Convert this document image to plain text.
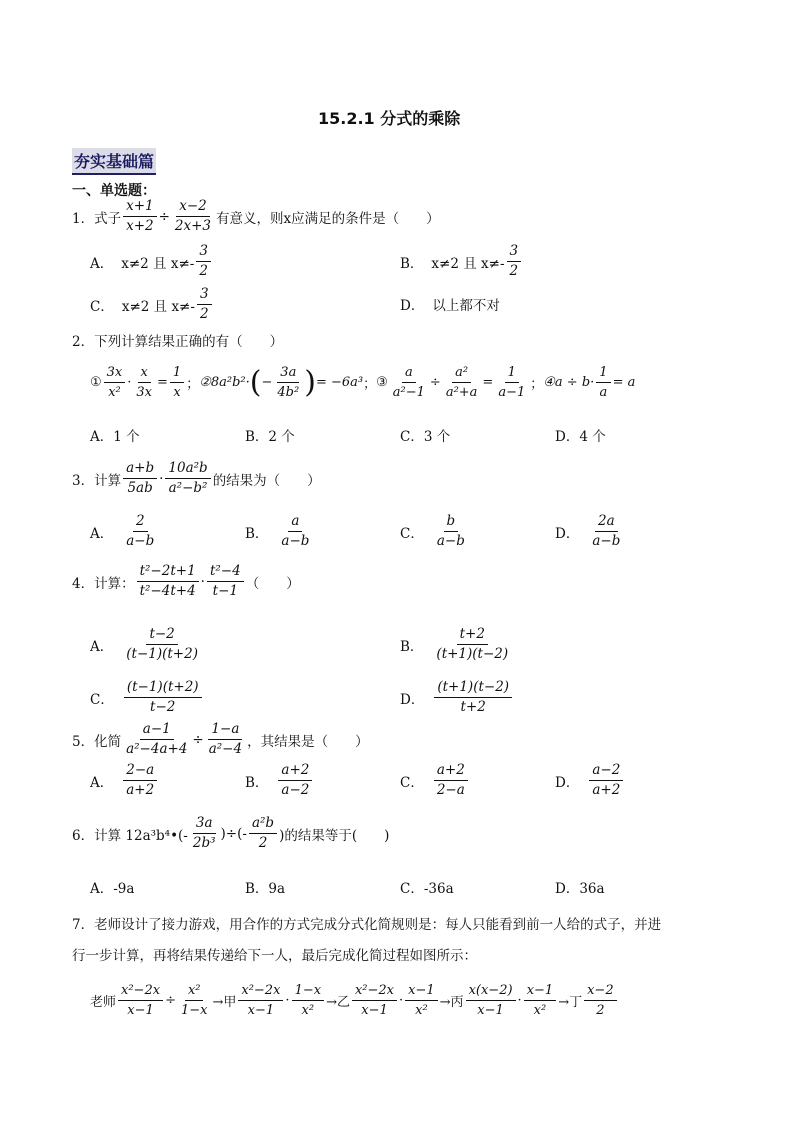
15.2.1 分式的乘除
夯实基础篇
一、单选题：
1． 式子 $\frac{x+1}{x+2} \div \frac{x-2}{2x+3}$ 有意义，则x应满足的条件是（　　）
A． x≠2 且 $x\ne- \frac{3}{2}$	B． x≠2 且 $x\ne- \frac{3}{2}$
C． x≠2 且 $x\ne- \frac{3}{2}$	D． 以上都不对
2． 下列计算结果正确的有（　　）
① $\frac{3x}{\text{x²}} \cdot \frac{x}{3x} = \frac{1}{x}$ ； ②8a²b²· ( − $\frac{3a}{\text{4b²}}$ ) = −6a³ ； ③ $\frac{a}{\text{a²−1}} \div \frac{\text{a²}}{\text{a²+a}} = \frac{1}{a-1}$ ； ④a ÷ $b\cdot \frac{1}{a} = a$
A．1 个	B．2 个	C．3 个	D．4 个
3． 计算 $\frac{a+b}{5ab} \cdot \frac{\text{10a²b}}{\text{a²−b²}}$ 的结果为（　　）
A． $\frac{2}{a-b}$	B． $\frac{a}{a-b}$	C． $\frac{b}{a-b}$	D． $\frac{2a}{a-b}$
4． 计算： $\frac{\text{t²−2t+1}}{\text{t²−4t+4}} \cdot \frac{\text{t²−4}}{t-1}$ （　　）
A． $\frac{t-2}{(t-1)(t+2)}$	B． $\frac{t+2}{(t+1)(t-2)}$
C． $\frac{(t-1)(t+2)}{t-2}$	D． $\frac{(t+1)(t-2)}{t+2}$
5． 化简 $\frac{a-1}{\text{a²−4a+4}} \div \frac{1-a}{\text{a²−4}}$ ，其结果是（　　）
A． $\frac{2-a}{a+2}$	B． $\frac{a+2}{a-2}$	C． $\frac{a+2}{2-a}$	D． $\frac{a-2}{a+2}$
6． 计算 12a³b⁴•(- $\frac{3a}{\text{2b³}}$ )÷(- $\frac{\text{a²b}}{2}$ )的结果等于(　　)
A．-9a	B．9a	C．-36a	D．36a
7． 老师设计了接力游戏，用合作的方式完成分式化简规则是：每人只能看到前一人给的式子，并进
行一步计算，再将结果传递给下一人，最后完成化简过程如图所示：
老师 $\frac{\text{x²−2x}}{x-1} \div \frac{\text{x²}}{1-x}$ →甲 $\frac{\text{x²−2x}}{x-1} \cdot \frac{1-x}{\text{x²}}$ →乙 $\frac{\text{x²−2x}}{x-1} \cdot \frac{x-1}{\text{x²}}$ →丙 $\frac{x(x-2)}{x-1} \cdot \frac{x-1}{\text{x²}}$ →丁 $\frac{x-2}{2}$
